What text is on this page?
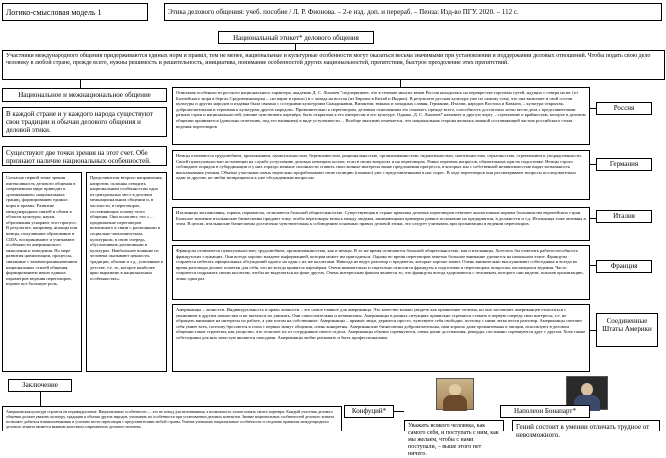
Логико-смысловая модель 1	Этика делового общения: учеб. пособие / Л. Р. Фионова. – 2-е изд. доп. и перераб. – Пенза: Изд-во ПГУ. 2020. – 112 с.
Национальный этикет* делового общения
Участники международного общения придерживаются единых норм и правил, тем не менее, национальные и культурные особенности могут оказаться весьма значимыми при установлении и поддержании деловых отношений. Чтобы подать свою дело человеку в любой стране, прежде всего, нужны решимость и решительность, инициатива, понимание особенностей других национальностей, препятствия, быстрое преодоление этих препятствий.
Национальное и межнациональное общение
В каждой стране и у каждого народа существуют свои традиции и обычаи делового общения и деловой этики.
Существуют две точки зрения на этот счет. Обе признают наличие национальных особенностей.
Согласно первой точке зрения интенсивность делового общения в современном мире приводит к «размыванию» национальных границ, формированию единых норм и правил. Развитие международных связей и обмен в области культуры, науки, образования ускоряют этот процесс. В результате, например, японцы или немцы, получившие образование в США, воспринимают и учитывают особенности американского мышления и поведения. По мере развития цивилизации, процессы, связанные с взаимопроникновением национальных стилей общения, формированием неких единых параметров ведения переговоров, играют все большую роль.
Представители второго направления, напротив, склонны отводить национальным особенностям одно из центральных мест в деловом межнациональном общении и, в частности, в переговорах, составляющих основу этого общения. Они полагают, что «… продвижение переговоров возможного в связи с различными в социально-экономическом, культурном, в свою очередь, обусловливать различными в культурах. Наибольшее влияние из человека оказывают ценности, традиции, обычаи и т.д., усвоенные в детстве, т.е. то, которое наиболее ярко выражено в национальных особенностях».
Описывая особенности русского национального характера, академик Д. С. Лихачев "подчеркивает, что в течение многих веков Россия находилась на перекрестке торговых путей, идущих с севера на юг (от Балтийского моря в бергах Средиземноморья – «из варяг в греки») и с запада на восток (из Европы в Китай и Индию). В результате русская культура уже по самому тому, что она включает в свой состав культуры и других народов и издавна была связана с соседними культурами Скандинавии, Византии, южных и западных славян, Германии, Италии, народов Востока и Кавказа, – культура открытая, доброжелательная и терпимая к культурам других народов». Применительно к переговорам, деловым отношениям это означает, прежде всего, способность достаточно легко вести дела с представителями разных стран и национальностей, умение чувствовать партнёра, быть открытым к его интересам и его культуре. Однако, Д. С. Лихачев* называет и другую черту – стремление к крайностям, которое в деловом общении проявляется (довольно отчетливо, под его влиянием) в виде уступчивости… Вообще многими отмечается, что национальная сторона являлась важной составляющей частью российского стиля ведения переговоров
Россия
Немцы отличаются трудолюбием, прилежанием, пунктуальностью, бережливостью, рациональностью, организованностью, педантичностью, скептичностью, серьезностью, стремлением к упорядоченности. Своей пунктуальностью по-немецки на службе уступлению деловых немецких коллег, если в своих вопросах и на переговорах. Ровно перечень вопросов, обязательных при их подготовке. Немцы строго соблюдают порядок в субординации и у них гораздо меньше склонности ставить свои личные интересы выше предложения прогресса, в которых мы с собственной независимостью видят возможность высказывания ученыя. Обычно участники очень тщательно прорабатывают свою позицию (помимо) уже с представленными в нас спрос. В ходе переговоров они рассматривают вопросы последовательно один за другим, не любят возвращаться к уже обсужденным вопросам.
Германия
Итальянцы экспансивны, горячи, порывисты, отличаются большой общительностью. Существующая в стране практика деловых переговоров отвечает аналогичным нормам большинства европейских стран. Большое значение итальянские бизнесмены придают тому, чтобы переговоры велись между людьми, занимающими примерно равное положение на предприятии, в должности и т.д. Итальянцы тоже активны в этом. В целом, итальянские бизнесмены достаточно чувствительны к соблюдению основных правил деловой этики, это следует учитывать при организации и ведении переговоров.
Италия
Французы отличаются пунктуальностью, трудолюбием, организованностью, как и немцы. В то же время отличаются большой общительностью, как и итальянцы. Хотелось бы отметить работоспособность французских служащих. Они всегда хорошо владеют информацией, которая может им пригодиться. Однако во время переговоров заметно большое внимание уделяется на начальном этапе. Французы стараются избегать официальных обсуждений одного на один с их же коллегами. Никогда не ведут разговор о предметах, которые хорошо знают. Очень внимательно выслушивают собеседника и всегда во время разговора делают пометки для себя, что не всегда нравится партнёрам. Очень внимательно и тщательно относятся французы к подготовке и переговорам, вопросам, касающихся ведения. Часто стараются подражать своим коллегам, чтобы не выделяться на фоне других. Очень интересным фактом является то, что французы всегда здороваются с человеком, которого они видели, показав организацию, лишь один раз.
Франция
Американцы – личности. Индивидуальность и право личности – это самое главное для американца. Это качество можно увидеть как проявление эгоизма, но оно заставляет американцев относиться с уважением к другим личностям и не пытаться их унижать. Они самостоятельны и независимы. Американцы в разных ситуациях правильно стремятся ставить в первую очередь свои интересы, т.е. не обращать внимание на интересы по работе, а уже потом на собственные. Американцы – прямые люди, держатся просто, чувствуют себя свободно, поэтому с ними легко вести разговор. Американцы считают себя умнее всех, поэтому бросаются в глаза с первых минут общения, очень конкретны. Американские бизнесмены доброжелательны, ими хорошо даже организованы в эмоции, используют в деловом общении такие стратегии, как упорство, что отличает их от сотрудников своего отдела. Американцы обычно соревнуются, очень ценят достижения, рекорды, постоянно соревнуются друг с другом. Хотя также собеседники для них зачастую являются поводами. Американцы любят рисковать и быть профессионалами.
Соединенные Штаты Америки
Заключение
Американская культура строится на индивидуализме. Национальные особенности — это не повод для непонимания, а возможность лучше понять своего партнера. Каждый участник делового общения должен уважать культуру, традиции и обычаи других народов, учитывать их особенности при установлении деловых контактов. Знание национальных особенностей делового этикета позволяет добиться взаимопонимания и успешно вести переговоры с представителями любой страны. Умение учитывать национальные особенности и следовать правилам международного делового этикета является важным качеством современного делового человека.
Конфуций*
Уважать всякого человека, как самого себя, и поступать с ним, как мы желаем, чтобы с нами поступали, – выше этого нет ничего.
Наполеон Бонапарт*
Гений состоит в умении отличать трудное от невозможного.
